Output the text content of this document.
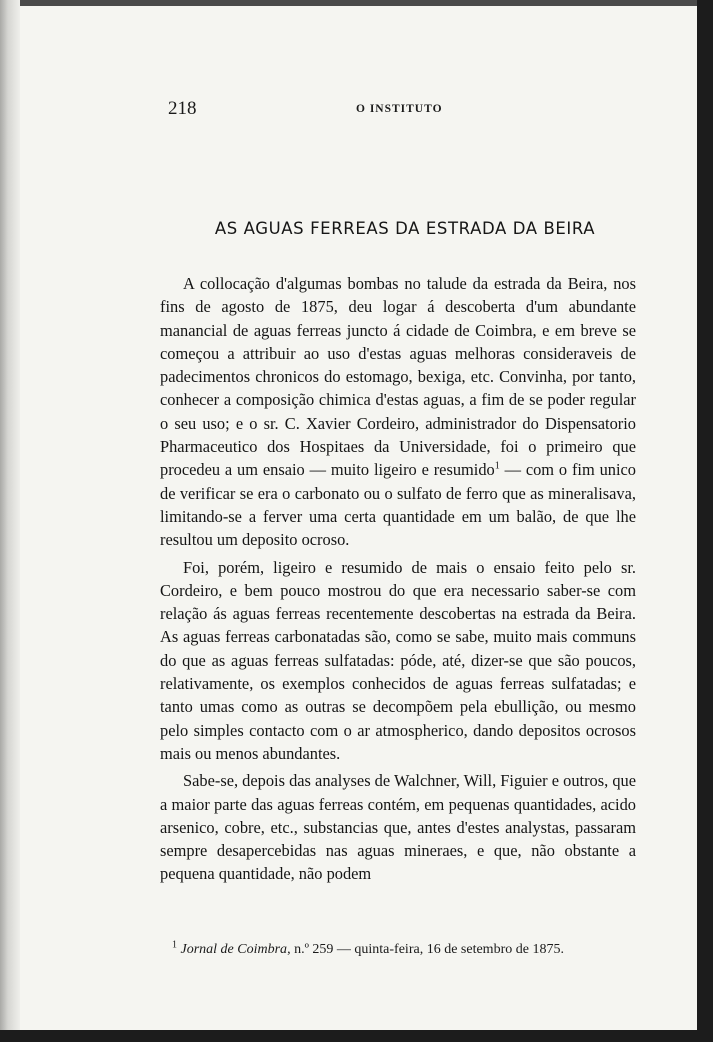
218	O INSTITUTO
AS AGUAS FERREAS DA ESTRADA DA BEIRA

A collocação d'algumas bombas no talude da estrada da Beira, nos fins de agosto de 1875, deu logar á descoberta d'um abundante manancial de aguas ferreas juncto á cidade de Coimbra, e em breve se começou a attribuir ao uso d'estas aguas melhoras consideraveis de padecimentos chronicos do estomago, bexiga, etc. Convinha, por tanto, conhecer a composição chimica d'estas aguas, a fim de se poder regular o seu uso; e o sr. C. Xavier Cordeiro, administrador do Dispensatorio Pharmaceutico dos Hospitaes da Universidade, foi o primeiro que procedeu a um ensaio — muito ligeiro e resumido$^1$ — com o fim unico de verificar se era o carbonato ou o sulfato de ferro que as mineralisava, limitando-se a ferver uma certa quantidade em um balão, de que lhe resultou um deposito ocroso.

Foi, porém, ligeiro e resumido de mais o ensaio feito pelo sr. Cordeiro, e bem pouco mostrou do que era necessario saber-se com relação ás aguas ferreas recentemente descobertas na estrada da Beira. As aguas ferreas carbonatadas são, como se sabe, muito mais communs do que as aguas ferreas sulfatadas: póde, até, dizer-se que são poucos, relativamente, os exemplos conhecidos de aguas ferreas sulfatadas; e tanto umas como as outras se decompõem pela ebullição, ou mesmo pelo simples contacto com o ar atmospherico, dando depositos ocrosos mais ou menos abundantes.

Sabe-se, depois das analyses de Walchner, Will, Figuier e outros, que a maior parte das aguas ferreas contém, em pequenas quantidades, acido arsenico, cobre, etc., substancias que, antes d'estes analystas, passaram sempre desapercebidas nas aguas mineraes, e que, não obstante a pequena quantidade, não podem

$^1$ Jornal de Coimbra, n.º 259 — quinta-feira, 16 de setembro de 1875.
